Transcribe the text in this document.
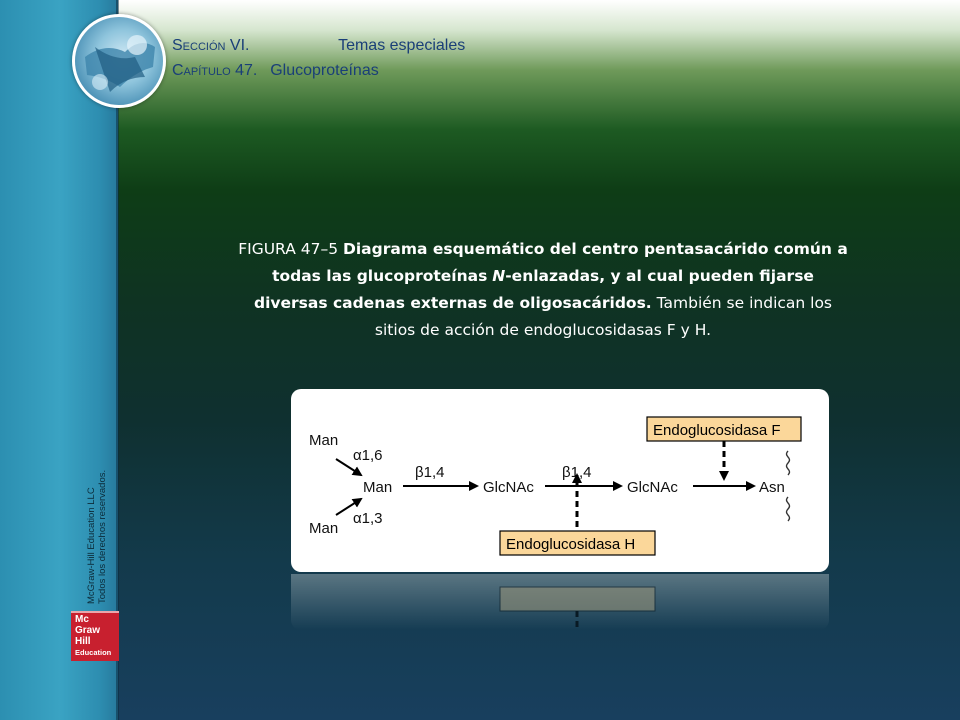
Sección VI.	Temas especiales
Capítulo 47. Glucoproteínas
FIGURA 47–5 Diagrama esquemático del centro pentasacárido común a todas las glucoproteínas N-enlazadas, y al cual pueden fijarse diversas cadenas externas de oligosacáridos. También se indican los sitios de acción de endoglucosidasas F y H.
Man
α1,6
Man
α1,3
Man
β1,4
GlcNAc
β1,4
GlcNAc	Asn
Endoglucosidasa F
Endoglucosidasa H
McGraw-Hill Education LLC Todos los derechos reservados.
Mc
Graw
Hill
Education
